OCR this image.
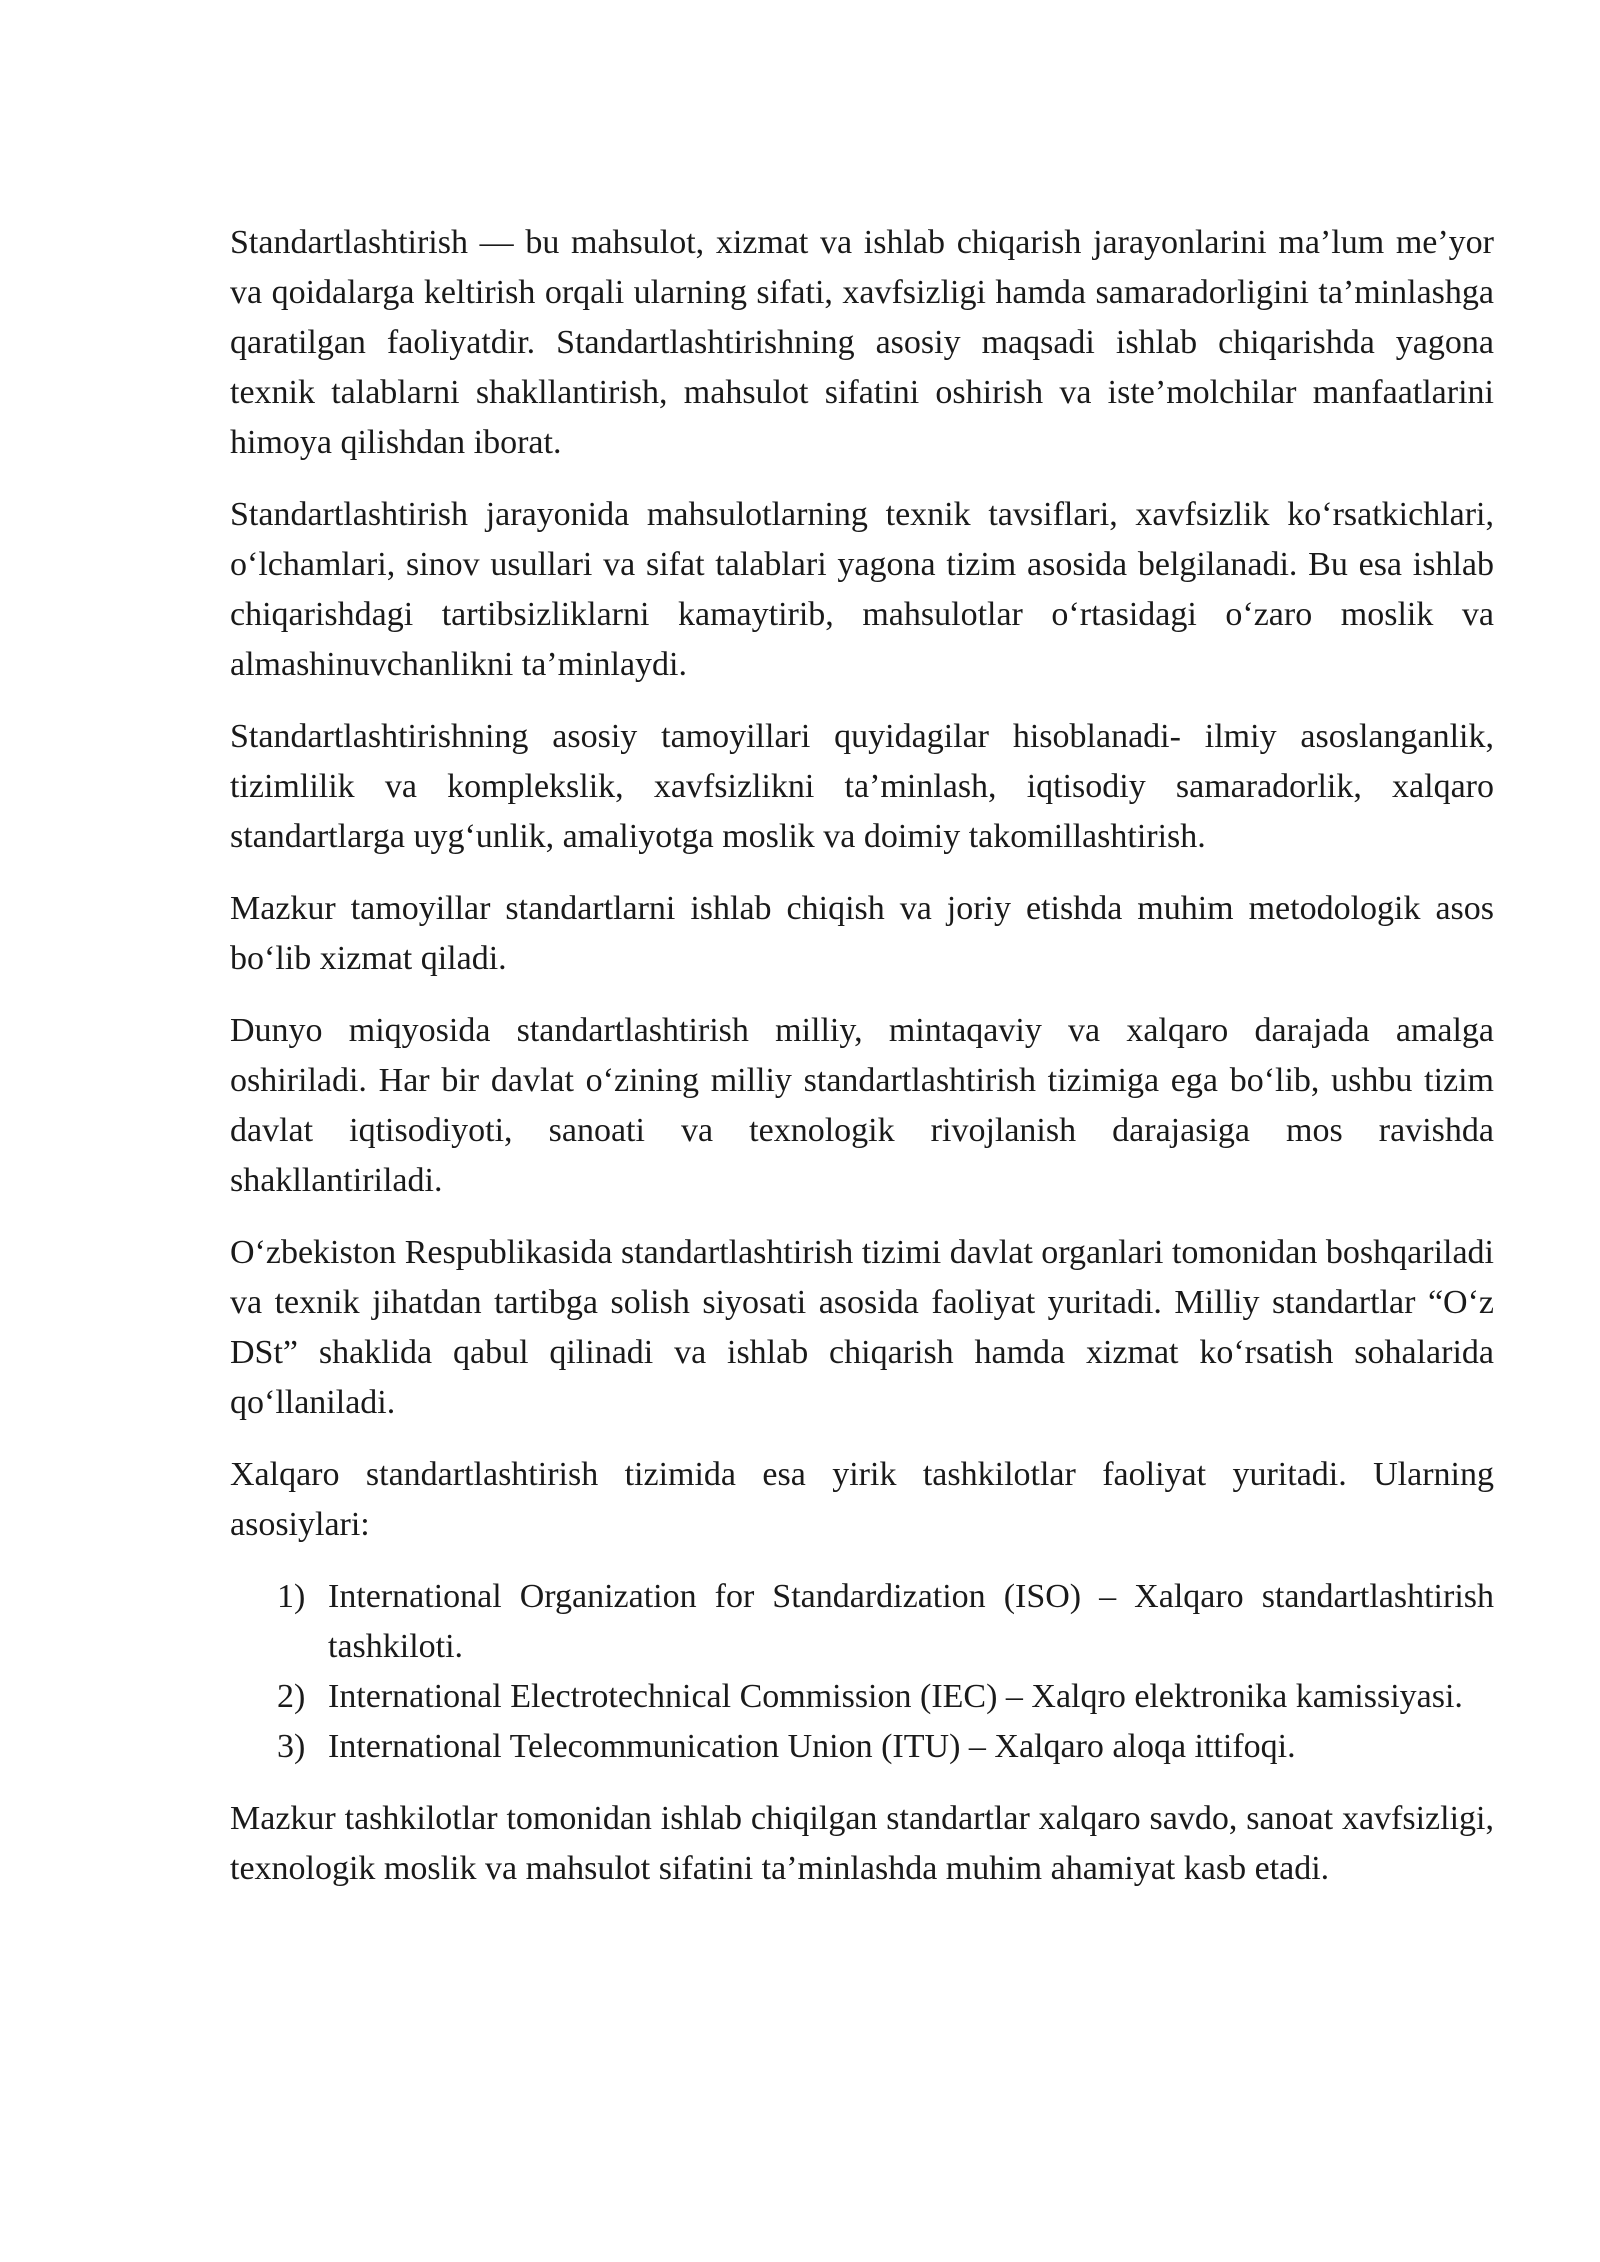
Standartlashtirish — bu mahsulot, xizmat va ishlab chiqarish jarayonlarini ma’lum me’yor va qoidalarga keltirish orqali ularning sifati, xavfsizligi hamda samaradorligini ta’minlashga qaratilgan faoliyatdir. Standartlashtirishning asosiy maqsadi ishlab chiqarishda yagona texnik talablarni shakllantirish, mahsulot sifatini oshirish va iste’molchilar manfaatlarini himoya qilishdan iborat.

Standartlashtirish jarayonida mahsulotlarning texnik tavsiflari, xavfsizlik koʻrsatkichlari, oʻlchamlari, sinov usullari va sifat talablari yagona tizim asosida belgilanadi. Bu esa ishlab chiqarishdagi tartibsizliklarni kamaytirib, mahsulotlar oʻrtasidagi oʻzaro moslik va almashinuvchanlikni ta’minlaydi.

Standartlashtirishning asosiy tamoyillari quyidagilar hisoblanadi- ilmiy asoslanganlik, tizimlilik va komplekslik, xavfsizlikni ta’minlash, iqtisodiy samaradorlik, xalqaro standartlarga uygʻunlik, amaliyotga moslik va doimiy takomillashtirish.

Mazkur tamoyillar standartlarni ishlab chiqish va joriy etishda muhim metodologik asos boʻlib xizmat qiladi.

Dunyo miqyosida standartlashtirish milliy, mintaqaviy va xalqaro darajada amalga oshiriladi. Har bir davlat oʻzining milliy standartlashtirish tizimiga ega boʻlib, ushbu tizim davlat iqtisodiyoti, sanoati va texnologik rivojlanish darajasiga mos ravishda shakllantiriladi.

Oʻzbekiston Respublikasida standartlashtirish tizimi davlat organlari tomonidan boshqariladi va texnik jihatdan tartibga solish siyosati asosida faoliyat yuritadi. Milliy standartlar “Oʻz DSt” shaklida qabul qilinadi va ishlab chiqarish hamda xizmat koʻrsatish sohalarida qoʻllaniladi.

Xalqaro standartlashtirish tizimida esa yirik tashkilotlar faoliyat yuritadi. Ularning asosiylari:

1) International Organization for Standardization (ISO) – Xalqaro standartlashtirish tashkiloti.
2) International Electrotechnical Commission (IEC) – Xalqro elektronika kamissiyasi.
3) International Telecommunication Union (ITU) – Xalqaro aloqa ittifoqi.

Mazkur tashkilotlar tomonidan ishlab chiqilgan standartlar xalqaro savdo, sanoat xavfsizligi, texnologik moslik va mahsulot sifatini ta’minlashda muhim ahamiyat kasb etadi.
